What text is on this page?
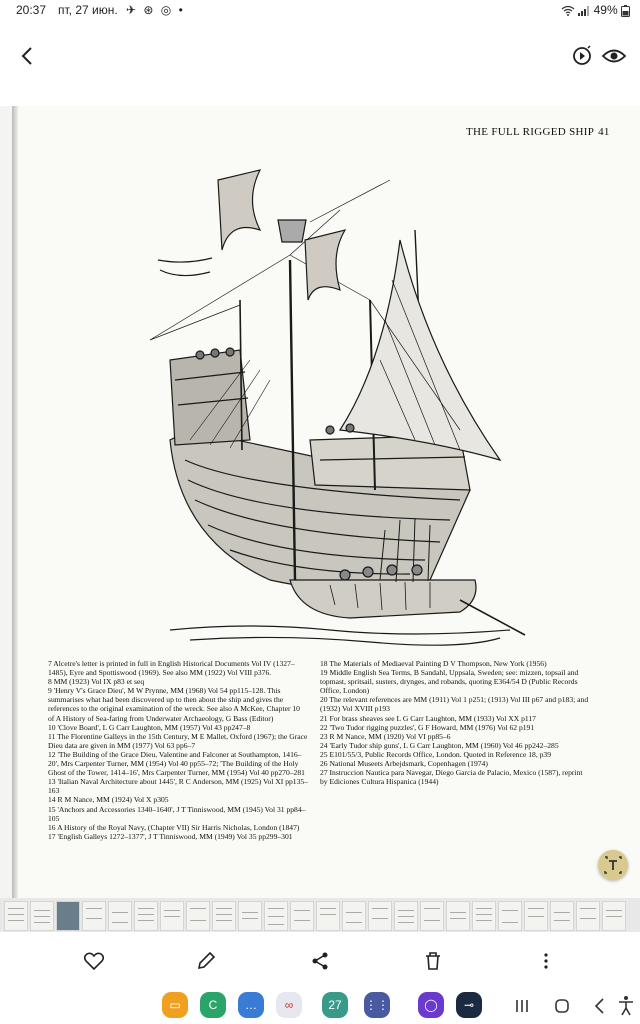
20:37 пт, 27 июн. ✈ ⊛ ◎ •	49%
THE FULL RIGGED SHIP 41

7 Alcetre's letter is printed in full in English Historical Documents Vol IV (1327–1485), Eyre and Spottiswood (1969). See also MM (1922) Vol VIII p376.

8 MM (1923) Vol IX p83 et seq

9 'Henry V's Grace Dieu', M W Prynne, MM (1968) Vol 54 pp115–128. This summarises what had been discovered up to then about the ship and gives the references to the original examination of the wreck. See also A McKee, Chapter 10 of A History of Sea-faring from Underwater Archaeology, G Bass (Editor)

10 'Clove Board', L G Carr Laughton, MM (1957) Vol 43 pp247–8

11 The Florentine Galleys in the 15th Century, M E Mallet, Oxford (1967); the Grace Dieu data are given in MM (1977) Vol 63 pp6–7

12 'The Building of the Grace Dieu, Valentine and Falconer at Southampton, 1416–20', Mrs Carpenter Turner, MM (1954) Vol 40 pp55–72; 'The Building of the Holy Ghost of the Tower, 1414–16', Mrs Carpenter Turner, MM (1954) Vol 40 pp270–281

13 'Italian Naval Architecture about 1445', R C Anderson, MM (1925) Vol XI pp135–163

14 R M Nance, MM (1924) Vol X p305

15 'Anchors and Accessories 1340–1640', J T Tinniswood, MM (1945) Vol 31 pp84–105

16 A History of the Royal Navy, (Chapter VII) Sir Harris Nicholas, London (1847)

17 'English Galleys 1272–1377', J T Tinniswood, MM (1949) Vol 35 pp299–301

18 The Materials of Mediaeval Painting D V Thompson, New York (1956)

19 Middle English Sea Terms, B Sandahl, Uppsala, Sweden; see: mizzen, topsail and topmast, spritsail, susters, drynges, and robands, quoting E364/54 D (Public Records Office, London)

20 The relevant references are MM (1911) Vol 1 p251; (1913) Vol III p67 and p183; and (1932) Vol XVIII p193

21 For brass sheaves see L G Carr Laughton, MM (1933) Vol XX p117

22 'Two Tudor rigging puzzles', G F Howard, MM (1976) Vol 62 p191

23 R M Nance, MM (1920) Vol VI pp85–6

24 'Early Tudor ship guns', L G Carr Laughton, MM (1960) Vol 46 pp242–285

25 E101/55/3, Public Records Office, London. Quoted in Reference 18, p39

26 National Museets Arbejdsmark, Copenhagen (1974)

27 Instruccion Nautica para Navegar, Diego Garcia de Palacio, Mexico (1587), reprint by Ediciones Cultura Hispanica (1944)

▭	C	…	∞	27	⋮⋮	◯	⊸
